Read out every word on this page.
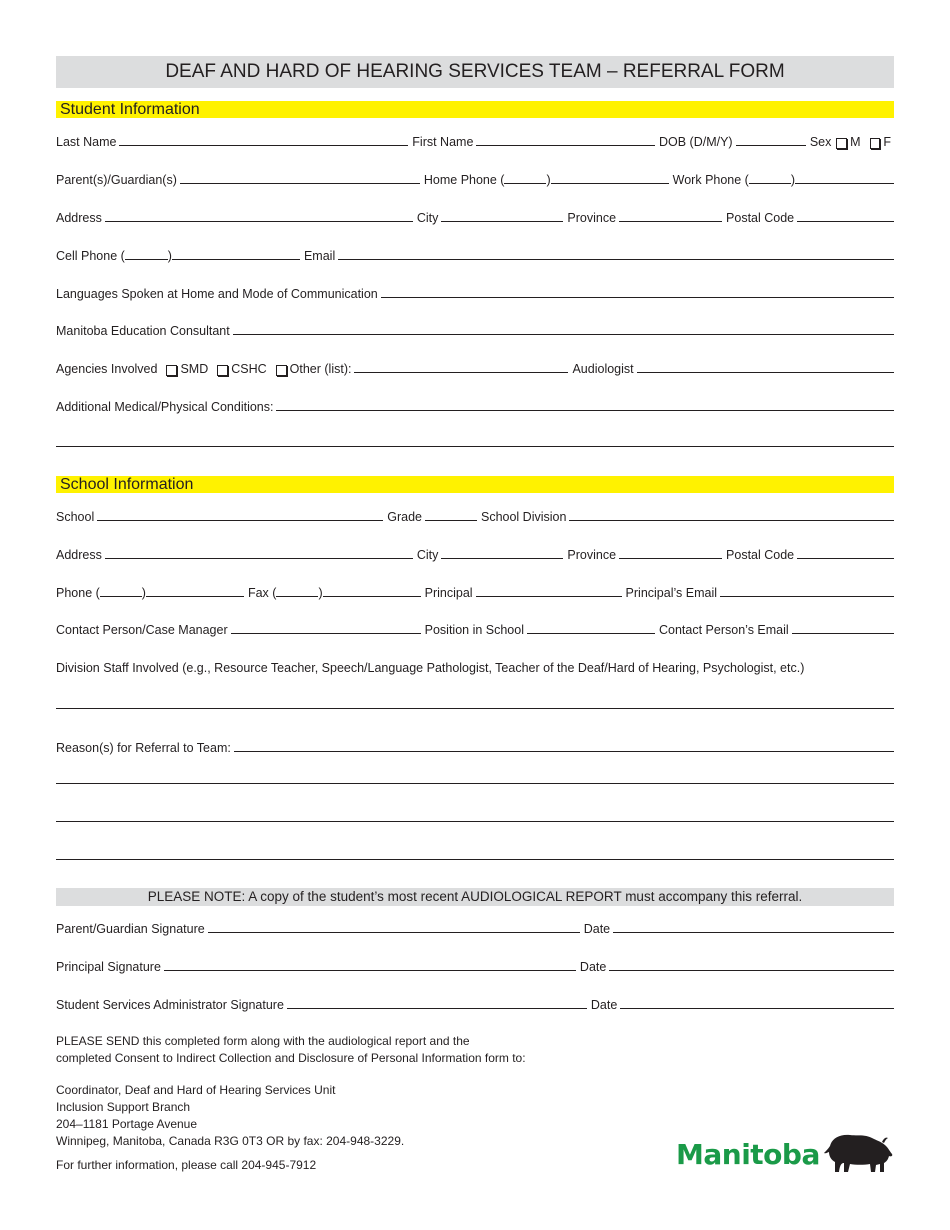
DEAF AND HARD OF HEARING SERVICES TEAM – REFERRAL FORM
Student Information
Last Name	First Name	DOB (D/M/Y)	Sex M F
Parent(s)/Guardian(s)	Home Phone (	)	Work Phone (	)
Address	City	Province	Postal Code
Cell Phone (	)	Email
Languages Spoken at Home and Mode of Communication
Manitoba Education Consultant
Agencies Involved SMD CSHC Other (list):	Audiologist
Additional Medical/Physical Conditions:
School Information
School	Grade	School Division
Address	City	Province	Postal Code
Phone (	)	Fax (	)	Principal	Principal’s Email
Contact Person/Case Manager	Position in School	Contact Person’s Email
Division Staff Involved (e.g., Resource Teacher, Speech/Language Pathologist, Teacher of the Deaf/Hard of Hearing, Psychologist, etc.)
Reason(s) for Referral to Team:
PLEASE NOTE: A copy of the student’s most recent AUDIOLOGICAL REPORT must accompany this referral.
Parent/Guardian Signature	Date
Principal Signature	Date
Student Services Administrator Signature	Date
PLEASE SEND this completed form along with the audiological report and the
completed Consent to Indirect Collection and Disclosure of Personal Information form to:
Coordinator, Deaf and Hard of Hearing Services Unit
Inclusion Support Branch
204–1181 Portage Avenue
Winnipeg, Manitoba, Canada R3G 0T3 OR by fax: 204-948-3229.
For further information, please call 204-945-7912	Manitoba
